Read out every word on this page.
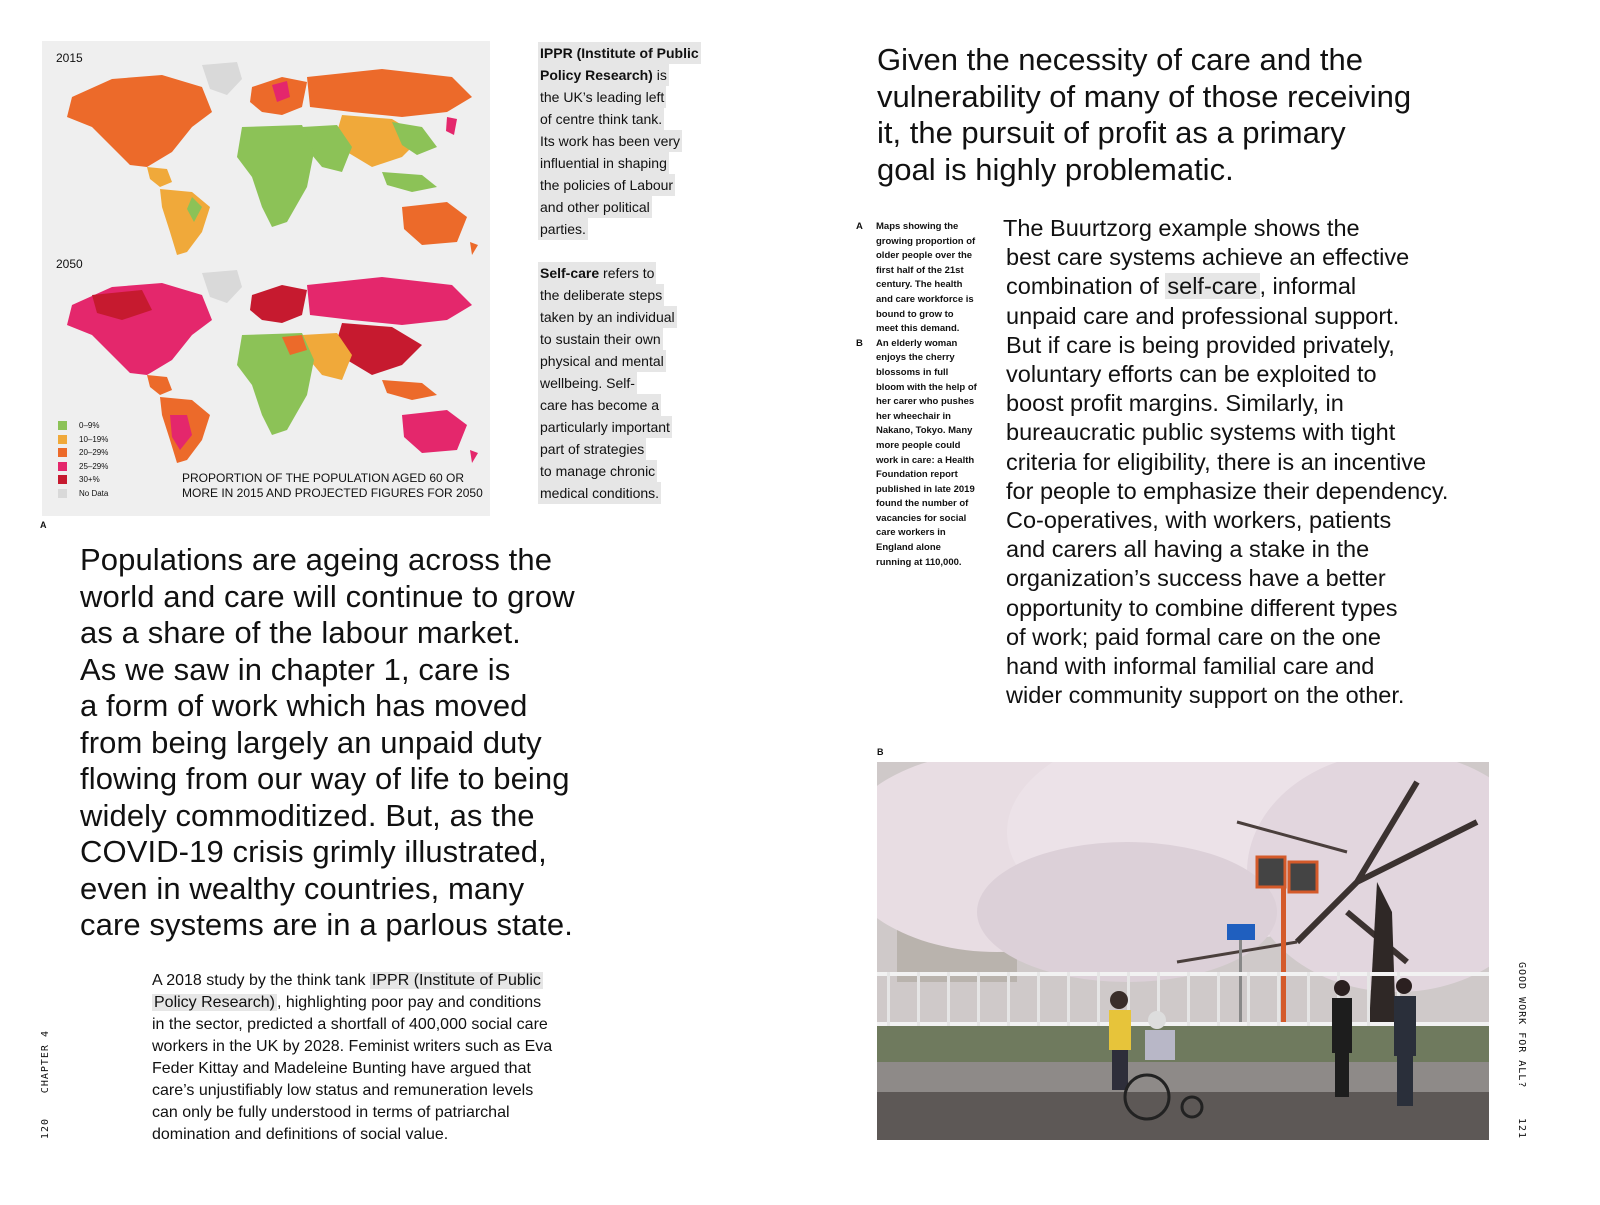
2015
2050
0–9%
10–19%
20–29%
25–29%
30+%
No Data
PROPORTION OF THE POPULATION AGED 60 OR MORE IN 2015 AND PROJECTED FIGURES FOR 2050
A

IPPR (Institute of Public
Policy Research) is
the UK’s leading left
of centre think tank.
Its work has been very
influential in shaping
the policies of Labour
and other political
parties.

Self-care refers to
the deliberate steps
taken by an individual
to sustain their own
physical and mental
wellbeing. Self-
care has become a
particularly important
part of strategies
to manage chronic
medical conditions.

Populations are ageing across the
world and care will continue to grow
as a share of the labour market.
As we saw in chapter 1, care is
a form of work which has moved
from being largely an unpaid duty
flowing from our way of life to being
widely commoditized. But, as the
COVID-19 crisis grimly illustrated,
even in wealthy countries, many
care systems are in a parlous state.
A 2018 study by the think tank IPPR (Institute of Public
Policy Research) , highlighting poor pay and conditions
in the sector, predicted a shortfall of 400,000 social care
workers in the UK by 2028. Feminist writers such as Eva
Feder Kittay and Madeleine Bunting have argued that
care’s unjustifiably low status and remuneration levels
can only be fully understood in terms of patriarchal
domination and definitions of social value.
CHAPTER 4
120
Given the necessity of care and the
vulnerability of many of those receiving
it, the pursuit of profit as a primary
goal is highly problematic.
A	Maps showing the growing proportion of older people over the first half of the 21st century. The health and care workforce is bound to grow to meet this demand.
B	An elderly woman enjoys the cherry blossoms in full bloom with the help of her carer who pushes her wheechair in Nakano, Tokyo. Many more people could work in care: a Health Foundation report published in late 2019 found the number of vacancies for social care workers in England alone running at 110,000.
The Buurtzorg example shows the
best care systems achieve an effective
combination of self-care, informal
unpaid care and professional support.
But if care is being provided privately,
voluntary efforts can be exploited to
boost profit margins. Similarly, in
bureaucratic public systems with tight
criteria for eligibility, there is an incentive
for people to emphasize their dependency.
Co-operatives, with workers, patients
and carers all having a stake in the
organization’s success have a better
opportunity to combine different types
of work; paid formal care on the one
hand with informal familial care and
wider community support on the other.

B
GOOD WORK FOR ALL?
121
